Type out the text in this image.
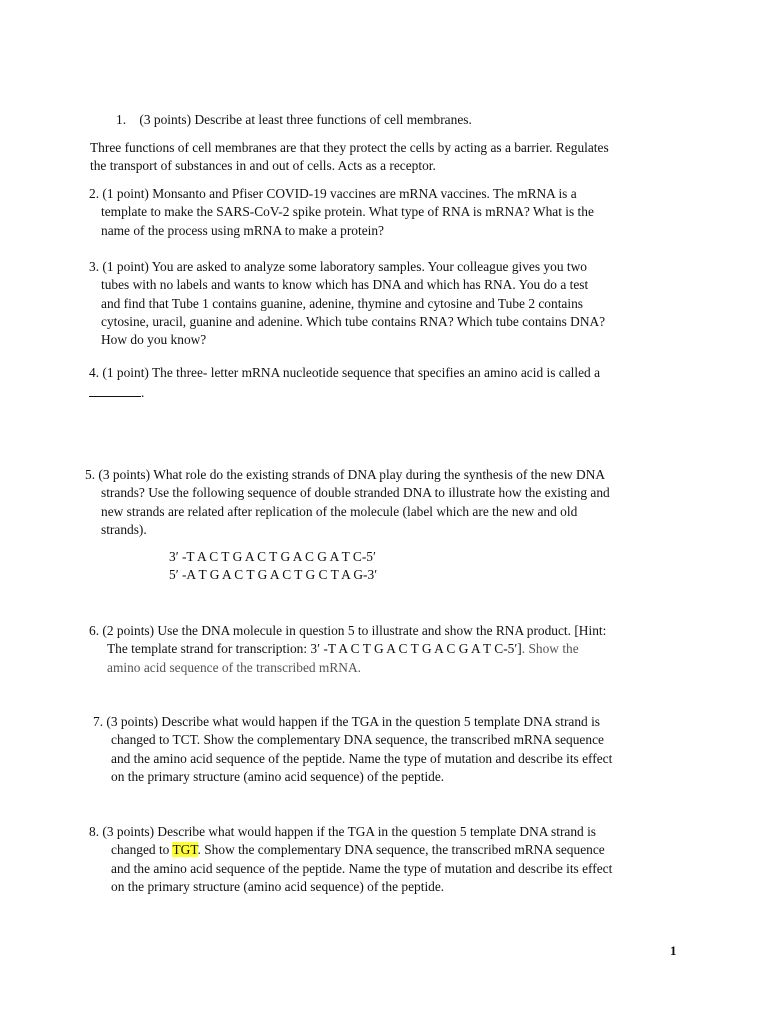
1. (3 points) Describe at least three functions of cell membranes.
Three functions of cell membranes are that they protect the cells by acting as a barrier. Regulates
the transport of substances in and out of cells. Acts as a receptor.
2. (1 point) Monsanto and Pfiser COVID-19 vaccines are mRNA vaccines. The mRNA is a
template to make the SARS-CoV-2 spike protein. What type of RNA is mRNA? What is the
name of the process using mRNA to make a protein?
3. (1 point) You are asked to analyze some laboratory samples. Your colleague gives you two
tubes with no labels and wants to know which has DNA and which has RNA. You do a test
and find that Tube 1 contains guanine, adenine, thymine and cytosine and Tube 2 contains
cytosine, uracil, guanine and adenine. Which tube contains RNA? Which tube contains DNA?
How do you know?
4. (1 point) The three- letter mRNA nucleotide sequence that specifies an amino acid is called a
.
5. (3 points) What role do the existing strands of DNA play during the synthesis of the new DNA
strands? Use the following sequence of double stranded DNA to illustrate how the existing and
new strands are related after replication of the molecule (label which are the new and old
strands).
3′ -T A C T G A C T G A C G A T C-5′
5′ -A T G A C T G A C T G C T A G-3′
6. (2 points) Use the DNA molecule in question 5 to illustrate and show the RNA product. [Hint:
The template strand for transcription: 3′ -T A C T G A C T G A C G A T C-5′]. Show the
amino acid sequence of the transcribed mRNA.
7. (3 points) Describe what would happen if the TGA in the question 5 template DNA strand is
changed to TCT. Show the complementary DNA sequence, the transcribed mRNA sequence
and the amino acid sequence of the peptide. Name the type of mutation and describe its effect
on the primary structure (amino acid sequence) of the peptide.
8. (3 points) Describe what would happen if the TGA in the question 5 template DNA strand is
changed to TGT. Show the complementary DNA sequence, the transcribed mRNA sequence
and the amino acid sequence of the peptide. Name the type of mutation and describe its effect
on the primary structure (amino acid sequence) of the peptide.
1
